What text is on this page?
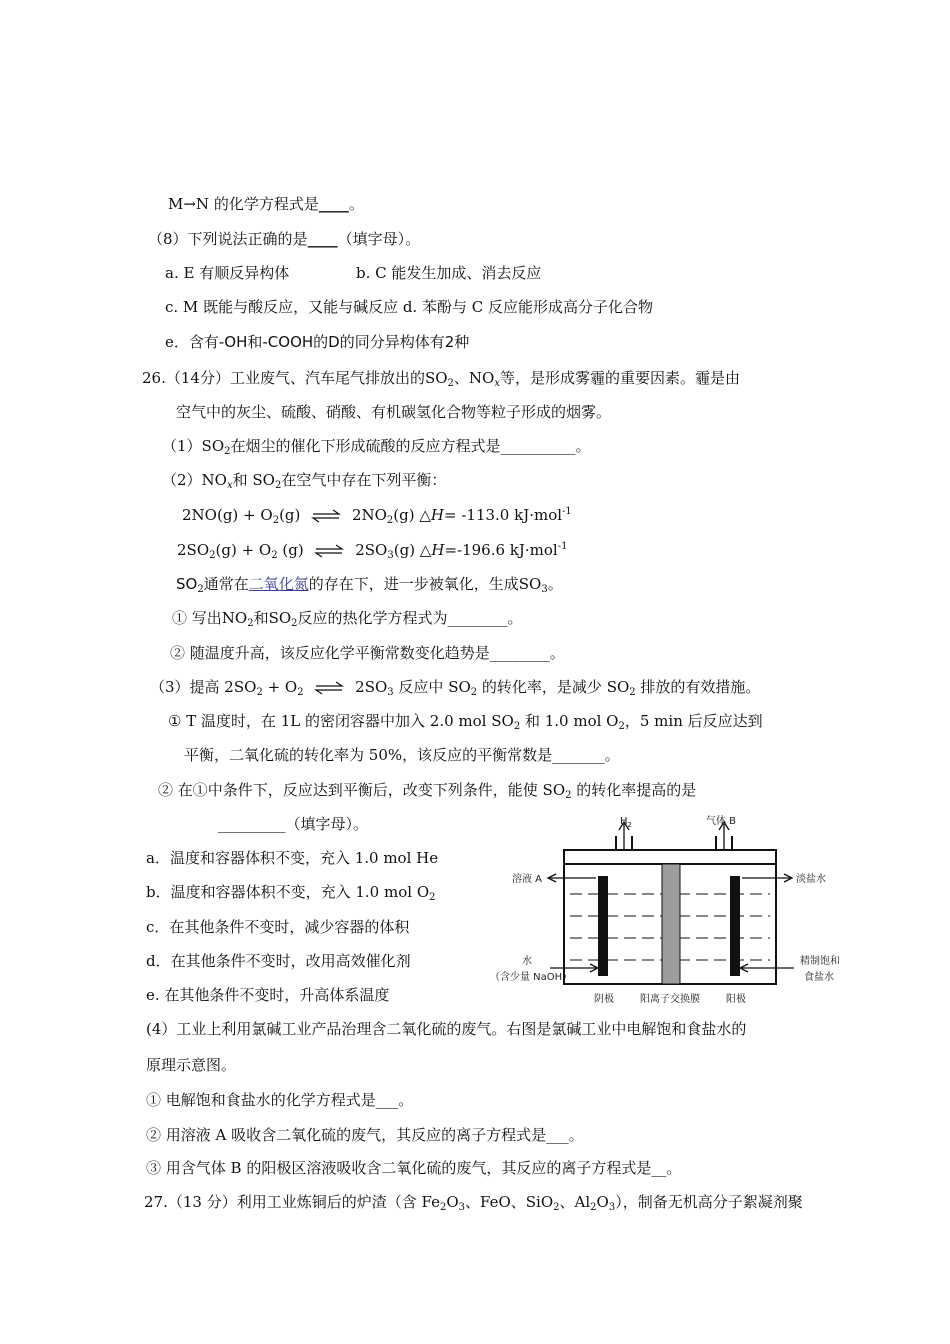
M→N 的化学方程式是____。
（8）下列说法正确的是____（填字母）。
a. E 有顺反异构体	b. C 能发生加成、消去反应
c. M 既能与酸反应，又能与碱反应 d. 苯酚与 C 反应能形成高分子化合物
e．含有-OH和-COOH的D的同分异构体有2种
26.（14分）工业废气、汽车尾气排放出的$SO_2$、$NO_x$等，是形成雾霾的重要因素。霾是由
空气中的灰尘、硫酸、硝酸、有机碳氢化合物等粒子形成的烟雾。
$(1)SO_2$在烟尘的催化下形成硫酸的反应方程式是__________。
$(2)NO_x$和 $SO_2$在空气中存在下列平衡：
$2NO(g) + O_2(g)$ ⇌ $2NO_2(g)$ △H= -113.0 kJ·mol$^{-1}$
$2SO_2(g) + O_2$ (g) ⇌ $2SO_3(g)$ △H=-196.6 kJ·mol$^{-1}$
$SO_2$通常在二氧化氮的存在下，进一步被氧化，生成$SO_3$。
① 写出$NO_2$和$SO_2$反应的热化学方程式为________。
② 随温度升高，该反应化学平衡常数变化趋势是________。
（3）提高 $2SO_2 + O_2$ ⇌ $2SO_3$ 反应中 $SO_2$ 的转化率，是减少 $SO_2$ 排放的有效措施。
① T 温度时，在 1L 的密闭容器中加入 2.0 mol $SO_2$ 和 1.0 mol $O_2$，5 min 后反应达到
平衡，二氧化硫的转化率为 50%，该反应的平衡常数是_______。
② 在①中条件下，反应达到平衡后，改变下列条件，能使 $SO_2$ 的转化率提高的是
_________（填字母）。
a．温度和容器体积不变，充入 1.0 mol He
b．温度和容器体积不变，充入 1.0 mol $O_2$
c．在其他条件不变时，减少容器的体积
d．在其他条件不变时，改用高效催化剂
e. 在其他条件不变时，升高体系温度
$H_2$	气体 B
溶液 A	淡盐水
水
（含少量 NaOH）
精制饱和
食盐水
阴极	阳离子交换膜	阳极
(4）工业上利用氯碱工业产品治理含二氧化硫的废气。右图是氯碱工业中电解饱和食盐水的
原理示意图。
① 电解饱和食盐水的化学方程式是___。
② 用溶液 A 吸收含二氧化硫的废气，其反应的离子方程式是___。
③ 用含气体 B 的阳极区溶液吸收含二氧化硫的废气，其反应的离子方程式是__。
27.（13 分）利用工业炼铜后的炉渣（含 $Fe_2O_3$、FeO、SiO$_2$、$Al_2O_3$），制备无机高分子絮凝剂聚
